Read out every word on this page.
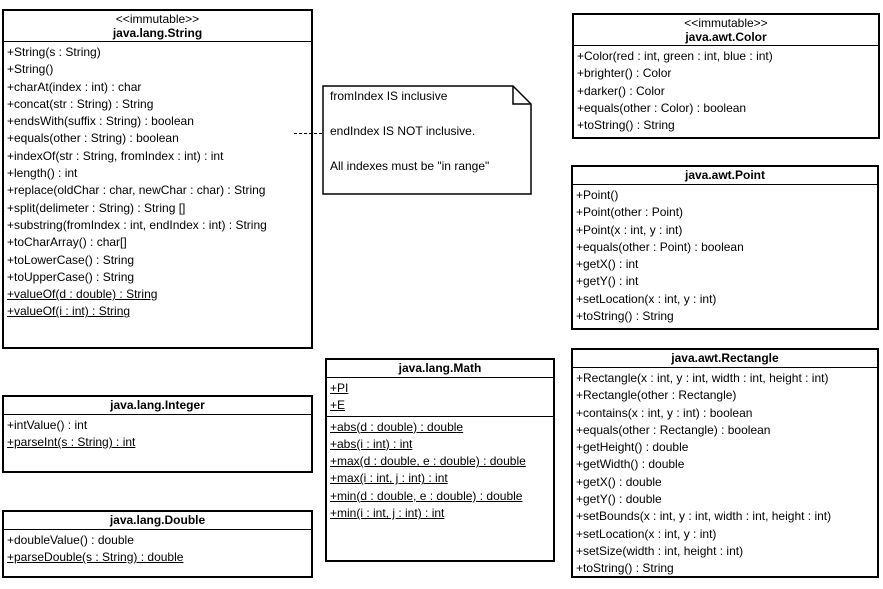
<<immutable>>
java.lang.String
+String(s : String)
+String()
+charAt(index : int) : char
+concat(str : String) : String
+endsWith(suffix : String) : boolean
+equals(other : String) : boolean
+indexOf(str : String, fromIndex : int) : int
+length() : int
+replace(oldChar : char, newChar : char) : String
+split(delimeter : String) : String []
+substring(fromIndex : int, endIndex : int) : String
+toCharArray() : char[]
+toLowerCase() : String
+toUpperCase() : String
+valueOf(d : double) : String
+valueOf(i : int) : String
java.lang.Integer
+intValue() : int
+parseInt(s : String) : int
java.lang.Double
+doubleValue() : double
+parseDouble(s : String) : double
java.lang.Math
+PI
+E
+abs(d : double) : double
+abs(i : int) : int
+max(d : double, e : double) : double
+max(i : int, j : int) : int
+min(d : double, e : double) : double
+min(i : int, j : int) : int
<<immutable>>
java.awt.Color
+Color(red : int, green : int, blue : int)
+brighter() : Color
+darker() : Color
+equals(other : Color) : boolean
+toString() : String
java.awt.Point
+Point()
+Point(other : Point)
+Point(x : int, y : int)
+equals(other : Point) : boolean
+getX() : int
+getY() : int
+setLocation(x : int, y : int)
+toString() : String
java.awt.Rectangle
+Rectangle(x : int, y : int, width : int, height : int)
+Rectangle(other : Rectangle)
+contains(x : int, y : int) : boolean
+equals(other : Rectangle) : boolean
+getHeight() : double
+getWidth() : double
+getX() : double
+getY() : double
+setBounds(x : int, y : int, width : int, height : int)
+setLocation(x : int, y : int)
+setSize(width : int, height : int)
+toString() : String
fromIndex IS inclusive
endIndex IS NOT inclusive.
All indexes must be "in range"
